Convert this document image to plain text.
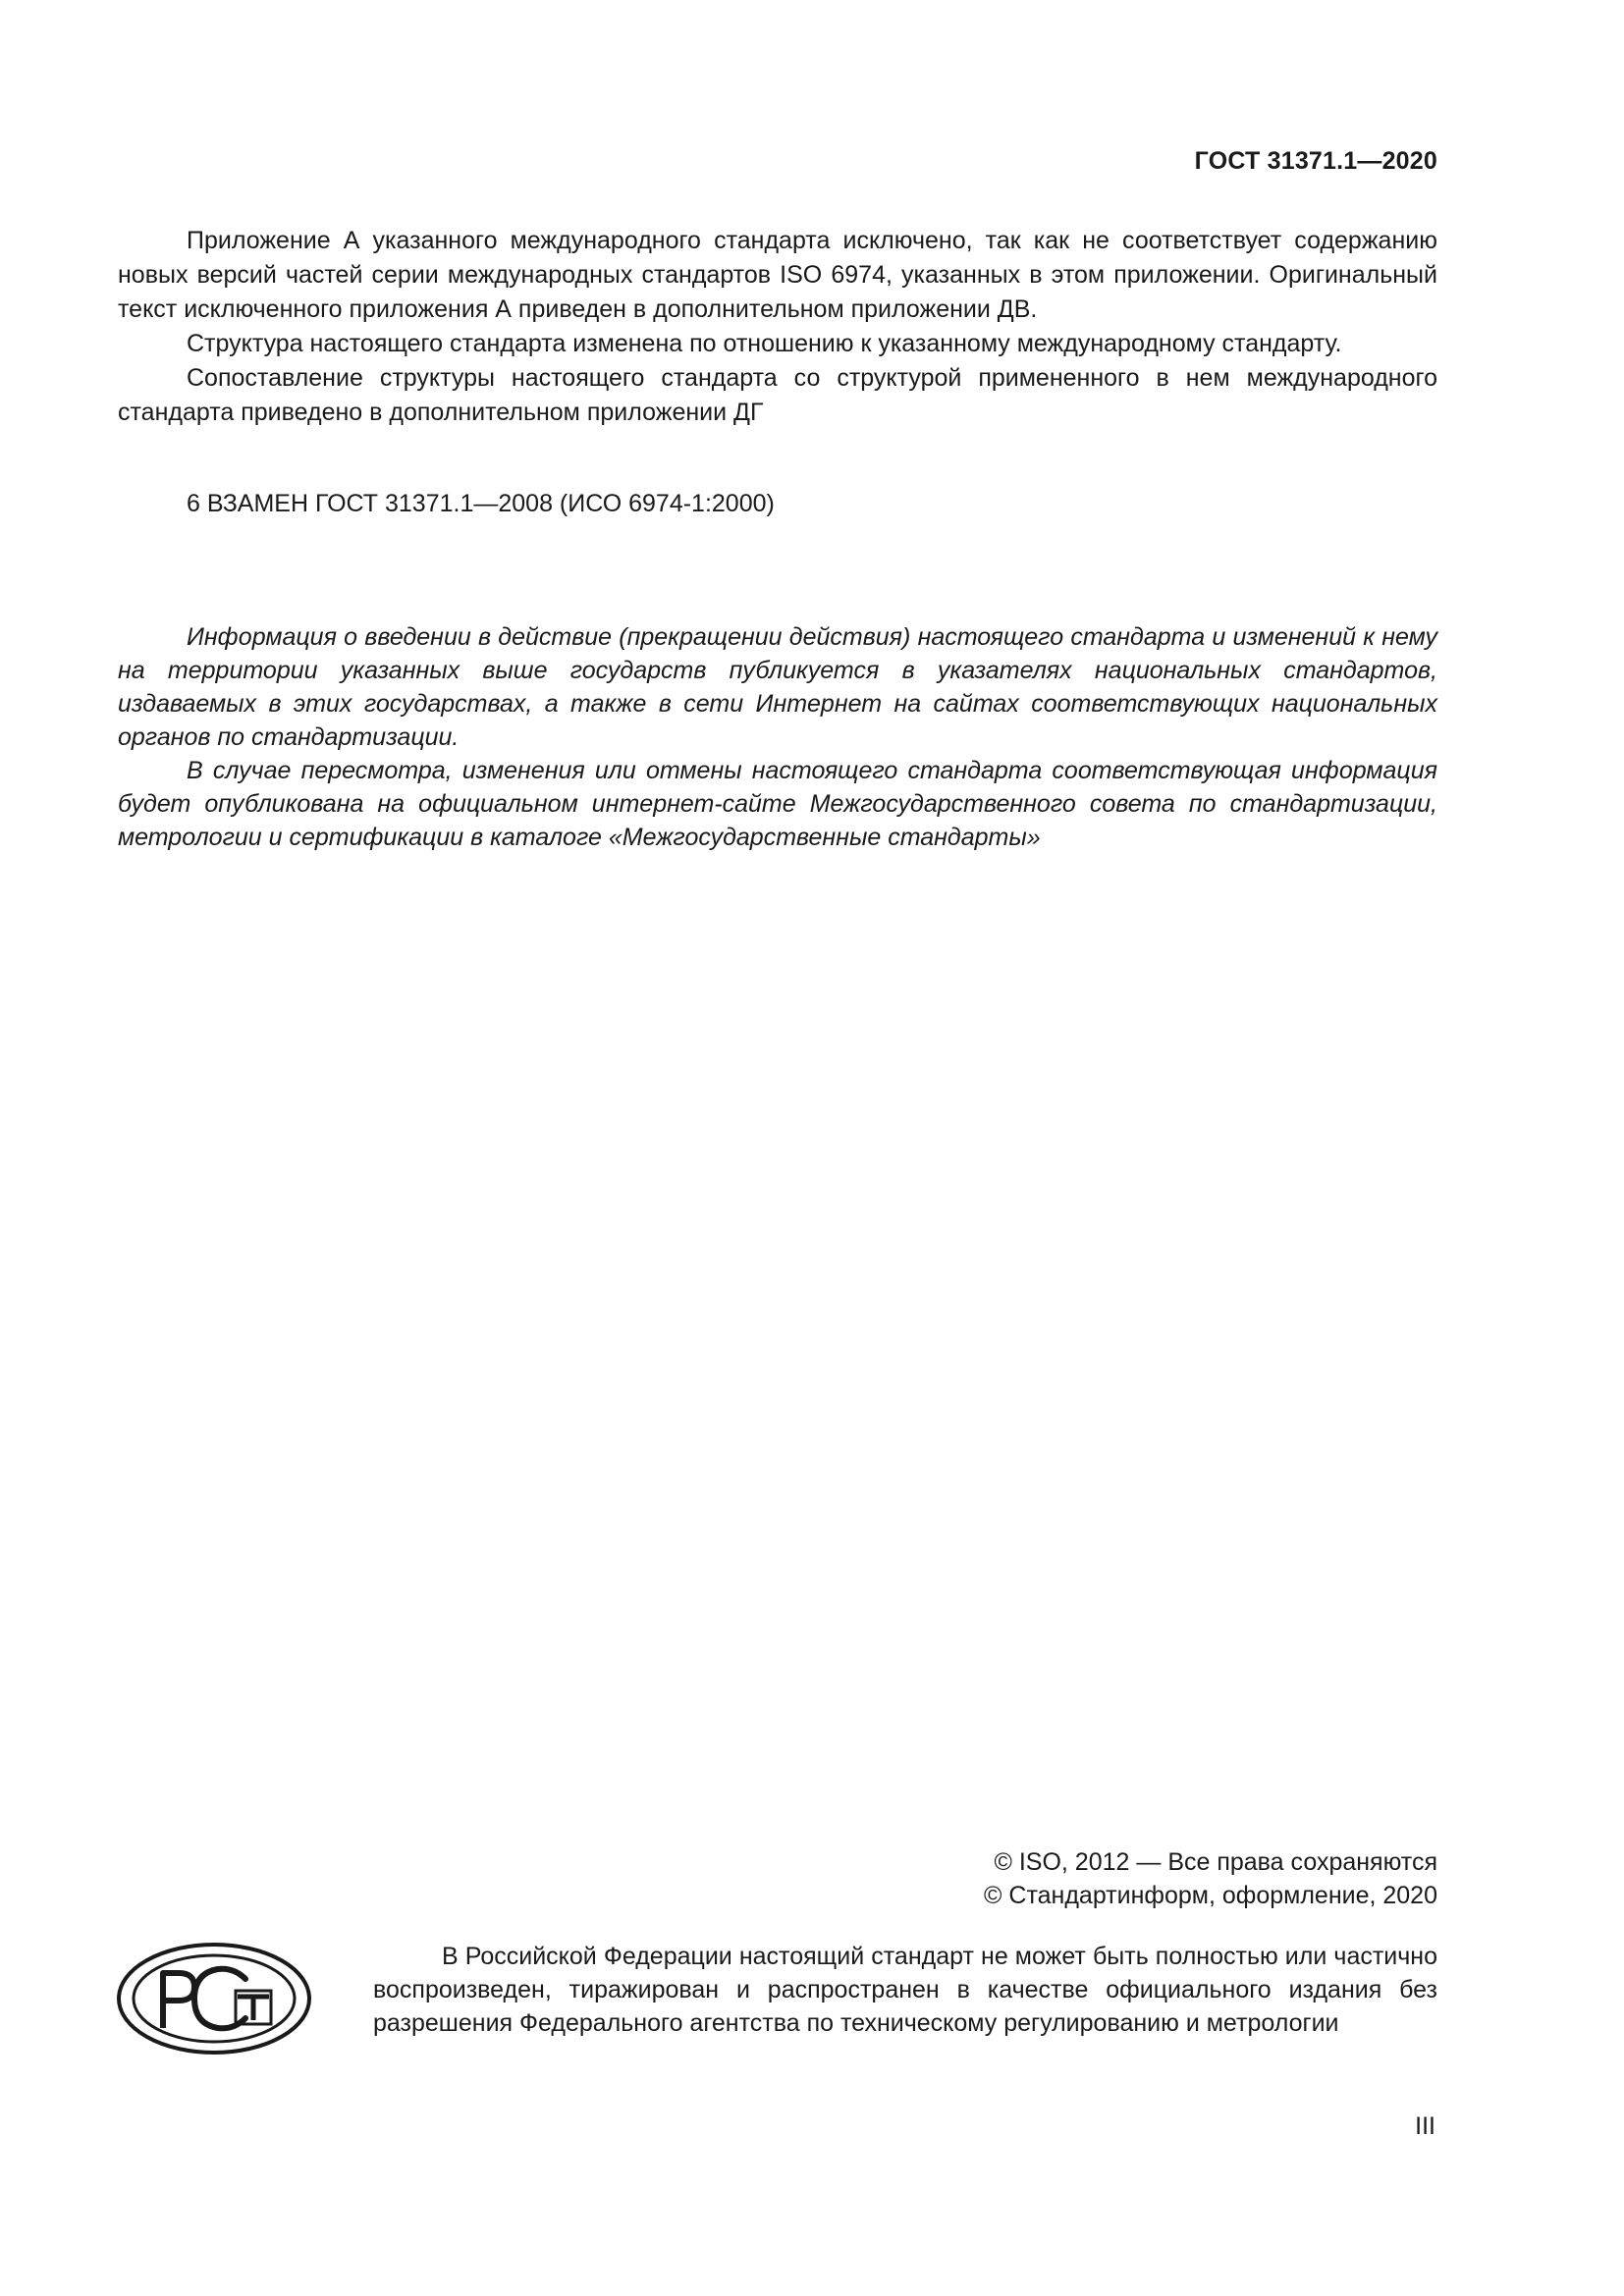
ГОСТ 31371.1—2020

Приложение А указанного международного стандарта исключено, так как не соответствует содержанию новых версий частей серии международных стандартов ISO 6974, указанных в этом приложении. Оригинальный текст исключенного приложения А приведен в дополнительном приложении ДВ.

Структура настоящего стандарта изменена по отношению к указанному международному стандарту.

Сопоставление структуры настоящего стандарта со структурой примененного в нем международного стандарта приведено в дополнительном приложении ДГ

6 ВЗАМЕН ГОСТ 31371.1—2008 (ИСО 6974-1:2000)

Информация о введении в действие (прекращении действия) настоящего стандарта и изменений к нему на территории указанных выше государств публикуется в указателях национальных стандартов, издаваемых в этих государствах, а также в сети Интернет на сайтах соответствующих национальных органов по стандартизации.

В случае пересмотра, изменения или отмены настоящего стандарта соответствующая информация будет опубликована на официальном интернет-сайте Межгосударственного совета по стандартизации, метрологии и сертификации в каталоге «Межгосударственные стандарты»

© ISO, 2012 — Все права сохраняются
© Стандартинформ, оформление, 2020

В Российской Федерации настоящий стандарт не может быть полностью или частично воспроизведен, тиражирован и распространен в качестве официального издания без разрешения Федерального агентства по техническому регулированию и метрологии

III
